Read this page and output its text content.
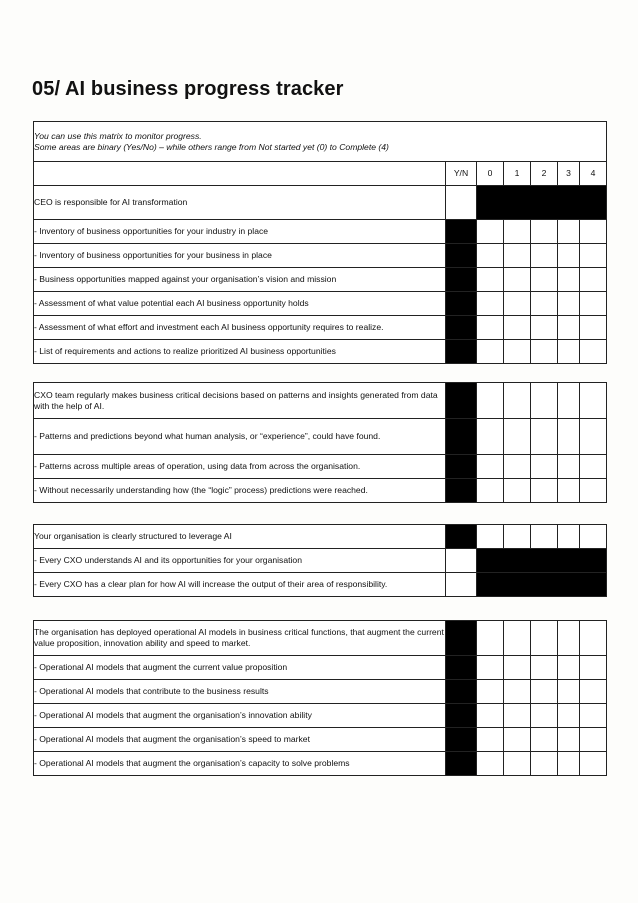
05/ AI business progress tracker
You can use this matrix to monitor progress.
Some areas are binary (Yes/No) – while others range from Not started yet (0) to Complete (4)						

	Y/N	0	1	2	3	4
CEO is responsible for AI transformation						
- Inventory of business opportunities for your industry in place						
- Inventory of business opportunities for your business in place						
- Business opportunities mapped against your organisation’s vision and mission						
- Assessment of what value potential each AI business opportunity holds						
- Assessment of what effort and investment each AI business opportunity requires to realize.						
- List of requirements and actions to realize prioritized AI business opportunities						
CXO team regularly makes business critical decisions based on patterns and insights generated from data with the help of AI.						
- Patterns and predictions beyond what human analysis, or “experience”, could have found.						
- Patterns across multiple areas of operation, using data from across the organisation.						
- Without necessarily understanding how (the “logic” process) predictions were reached.						
Your organisation is clearly structured to leverage AI						
- Every CXO understands AI and its opportunities for your organisation						
- Every CXO has a clear plan for how AI will increase the output of their area of responsibility.						
The organisation has deployed operational AI models in business critical functions, that augment the current value proposition, innovation ability and speed to market.						
- Operational AI models that augment the current value proposition						
- Operational AI models that contribute to the business results						
- Operational AI models that augment the organisation’s innovation ability						
- Operational AI models that augment the organisation’s speed to market						
- Operational AI models that augment the organisation’s capacity to solve problems						
